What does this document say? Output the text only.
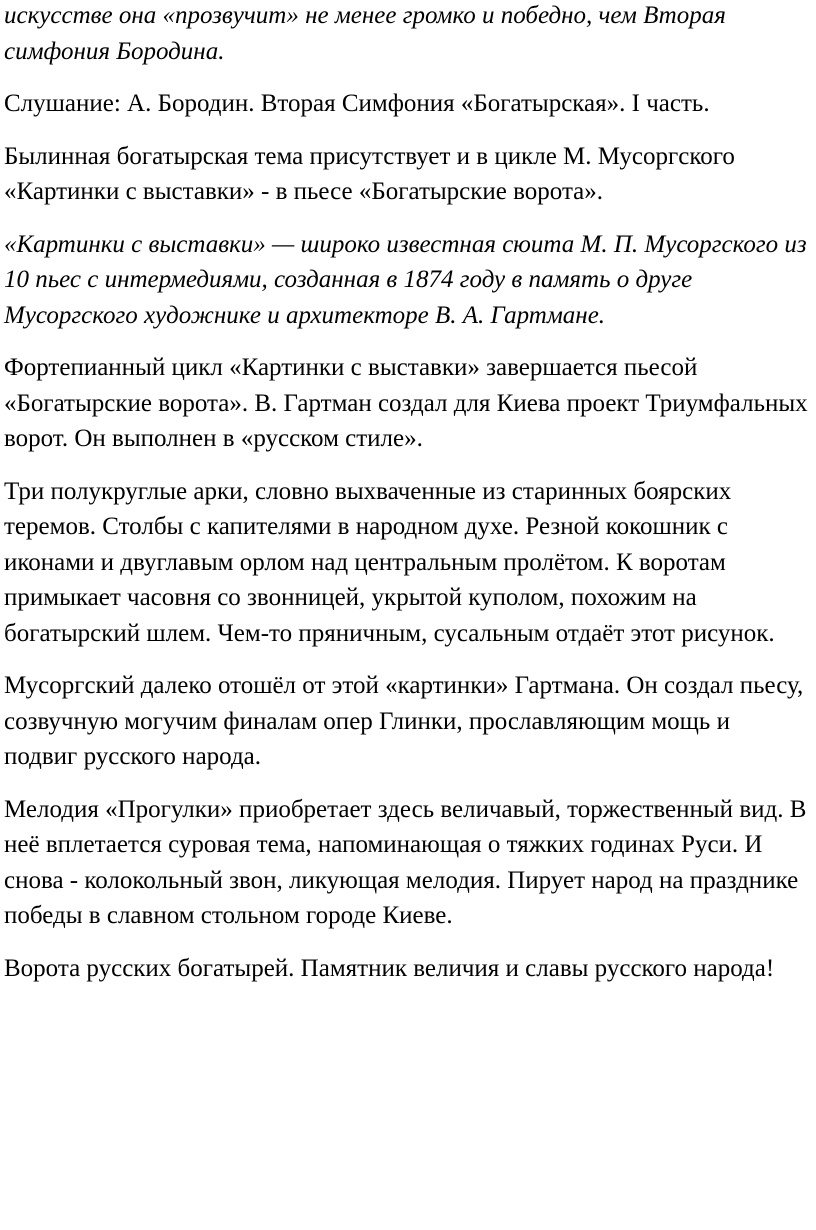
искусстве она «прозвучит» не менее громко и победно, чем Вторая симфония Бородина.

Слушание: А. Бородин. Вторая Симфония «Богатырская». I часть.

Былинная богатырская тема присутствует и в цикле М. Мусоргского «Картинки с выставки» - в пьесе «Богатырские ворота».

«Картинки с выставки» — широко известная сюита М. П. Мусоргского из 10 пьес с интермедиями, созданная в 1874 году в память о друге Мусоргского художнике и архитекторе В. А. Гартмане.

Фортепианный цикл «Картинки с выставки» завершается пьесой «Богатырские ворота». В. Гартман создал для Киева проект Триумфальных ворот. Он выполнен в «русском стиле».

Три полукруглые арки, словно выхваченные из старинных боярских теремов. Столбы с капителями в народном духе. Резной кокошник с иконами и двуглавым орлом над центральным пролётом. К воротам примыкает часовня со звонницей, укрытой куполом, похожим на богатырский шлем. Чем-то пряничным, сусальным отдаёт этот рисунок.

Мусоргский далеко отошёл от этой «картинки» Гартмана. Он создал пьесу, созвучную могучим финалам опер Глинки, прославляющим мощь и подвиг русского народа.

Мелодия «Прогулки» приобретает здесь величавый, торжественный вид. В неё вплетается суровая тема, напоминающая о тяжких годинах Руси. И снова - колокольный звон, ликующая мелодия. Пирует народ на празднике победы в славном стольном городе Киеве.

Ворота русских богатырей. Памятник величия и славы русского народа!
